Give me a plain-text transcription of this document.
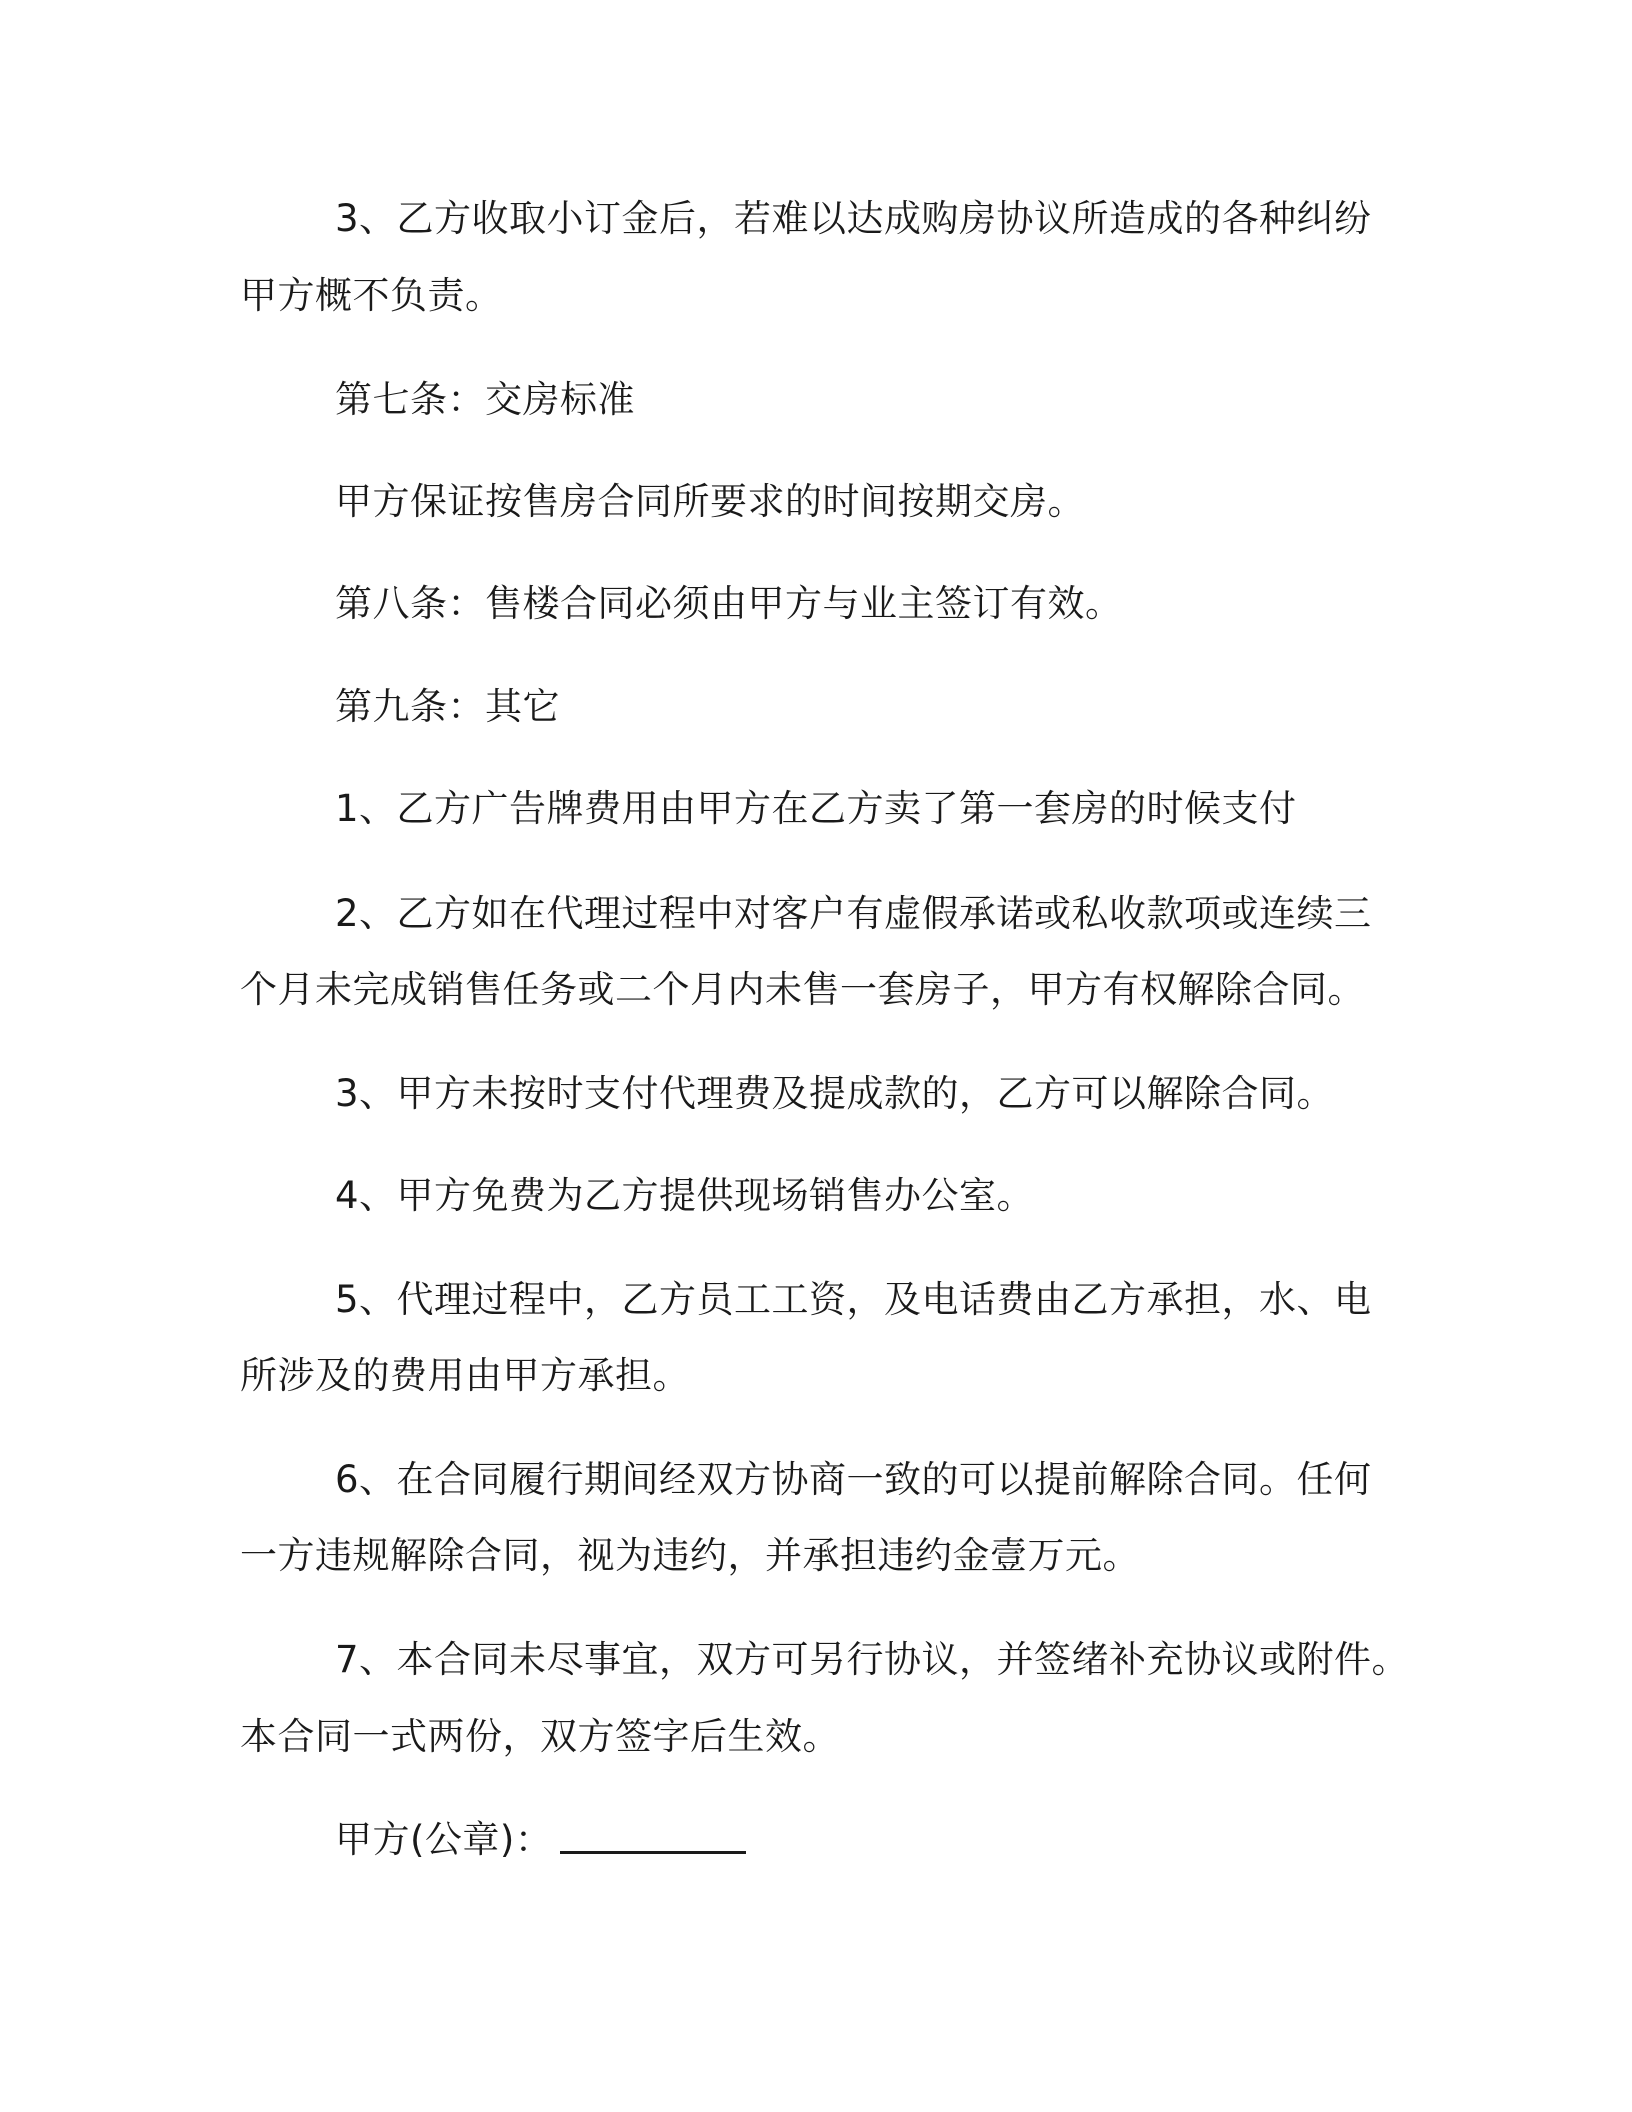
3、乙方收取小订金后，若难以达成购房协议所造成的各种纠纷
甲方概不负责。
第七条：交房标准
甲方保证按售房合同所要求的时间按期交房。
第八条：售楼合同必须由甲方与业主签订有效。
第九条：其它
1、乙方广告牌费用由甲方在乙方卖了第一套房的时候支付
2、乙方如在代理过程中对客户有虚假承诺或私收款项或连续三
个月未完成销售任务或二个月内未售一套房子，甲方有权解除合同。
3、甲方未按时支付代理费及提成款的，乙方可以解除合同。
4、甲方免费为乙方提供现场销售办公室。
5、代理过程中，乙方员工工资，及电话费由乙方承担，水、电
所涉及的费用由甲方承担。
6、在合同履行期间经双方协商一致的可以提前解除合同。任何
一方违规解除合同，视为违约，并承担违约金壹万元。
7、本合同未尽事宜，双方可另行协议，并签绪补充协议或附件。
本合同一式两份，双方签字后生效。
甲方(公章)：
